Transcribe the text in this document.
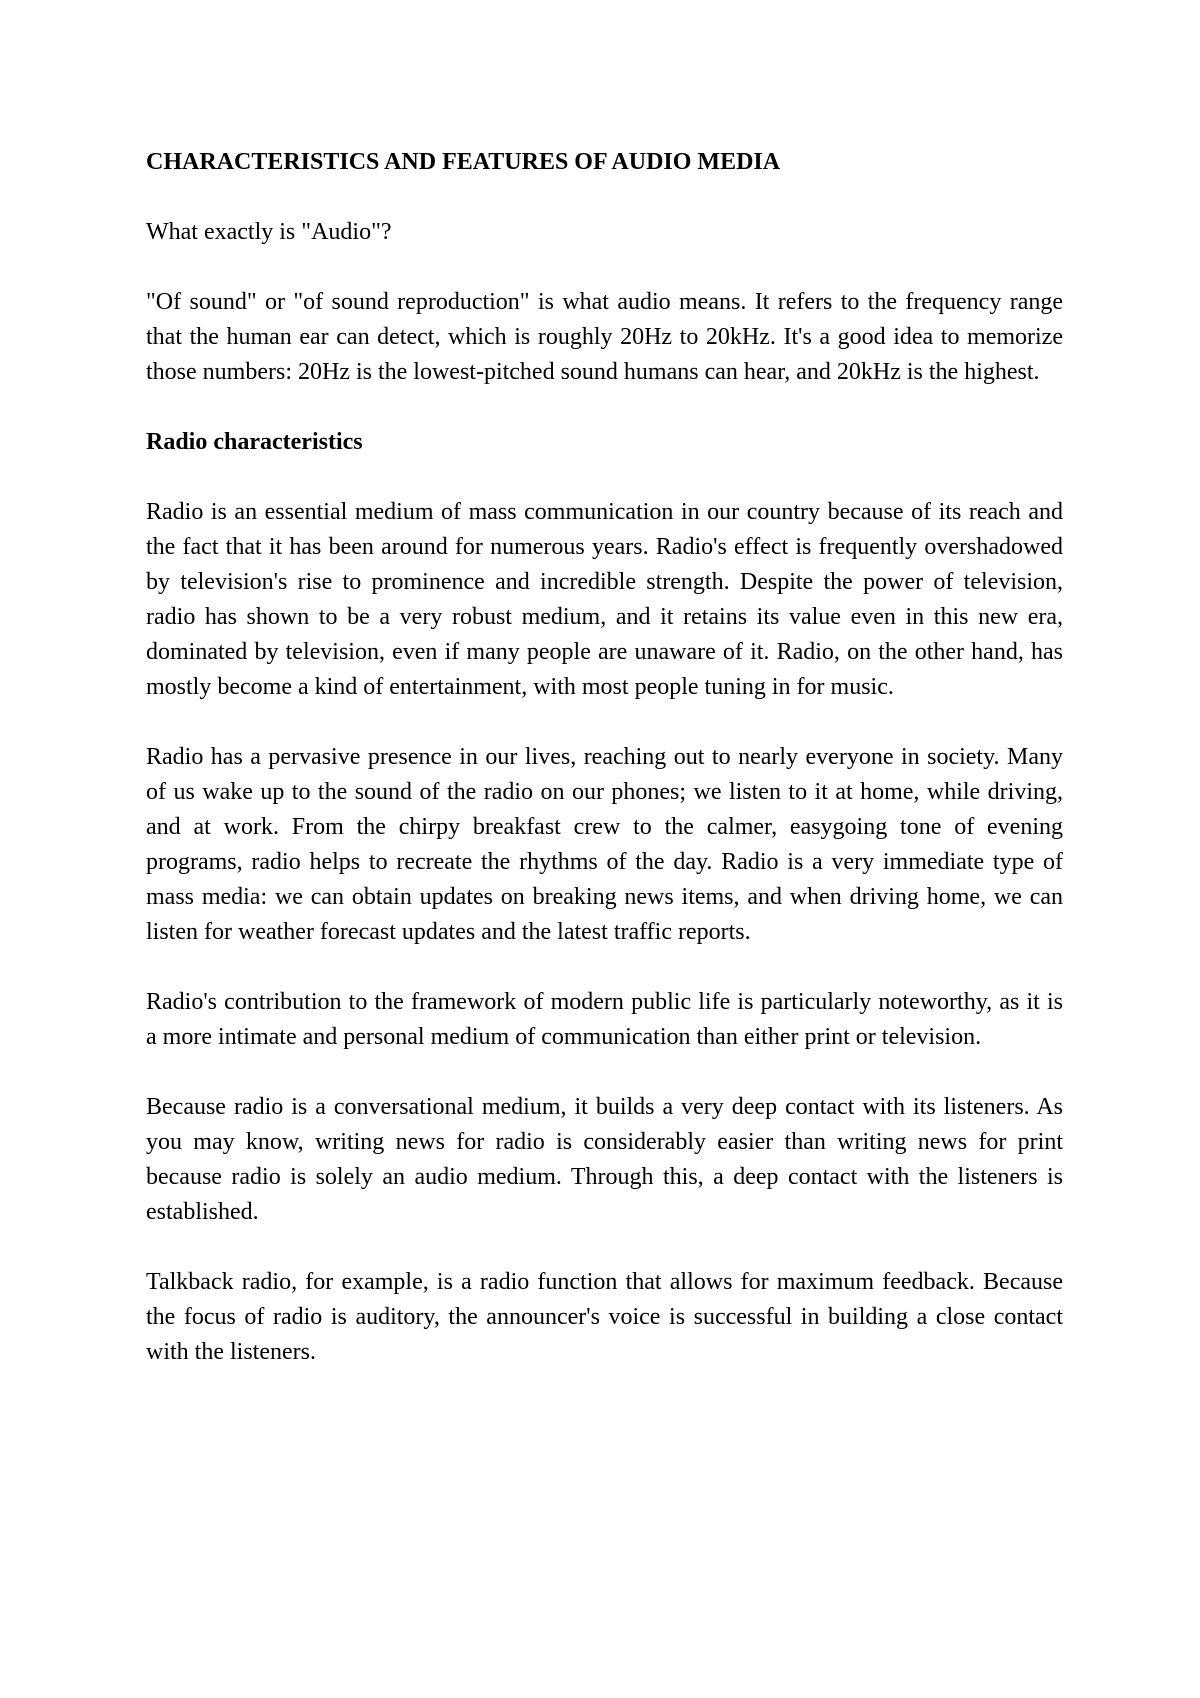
CHARACTERISTICS AND FEATURES OF AUDIO MEDIA
What exactly is "Audio"?
"Of sound" or "of sound reproduction" is what audio means. It refers to the frequency range that the human ear can detect, which is roughly 20Hz to 20kHz. It's a good idea to memorize those numbers: 20Hz is the lowest-pitched sound humans can hear, and 20kHz is the highest.
Radio characteristics
Radio is an essential medium of mass communication in our country because of its reach and the fact that it has been around for numerous years. Radio's effect is frequently overshadowed by television's rise to prominence and incredible strength. Despite the power of television, radio has shown to be a very robust medium, and it retains its value even in this new era, dominated by television, even if many people are unaware of it. Radio, on the other hand, has mostly become a kind of entertainment, with most people tuning in for music.
Radio has a pervasive presence in our lives, reaching out to nearly everyone in society. Many of us wake up to the sound of the radio on our phones; we listen to it at home, while driving, and at work. From the chirpy breakfast crew to the calmer, easygoing tone of evening programs, radio helps to recreate the rhythms of the day. Radio is a very immediate type of mass media: we can obtain updates on breaking news items, and when driving home, we can listen for weather forecast updates and the latest traffic reports.
Radio's contribution to the framework of modern public life is particularly noteworthy, as it is a more intimate and personal medium of communication than either print or television.
Because radio is a conversational medium, it builds a very deep contact with its listeners. As you may know, writing news for radio is considerably easier than writing news for print because radio is solely an audio medium. Through this, a deep contact with the listeners is established.
Talkback radio, for example, is a radio function that allows for maximum feedback. Because the focus of radio is auditory, the announcer's voice is successful in building a close contact with the listeners.
